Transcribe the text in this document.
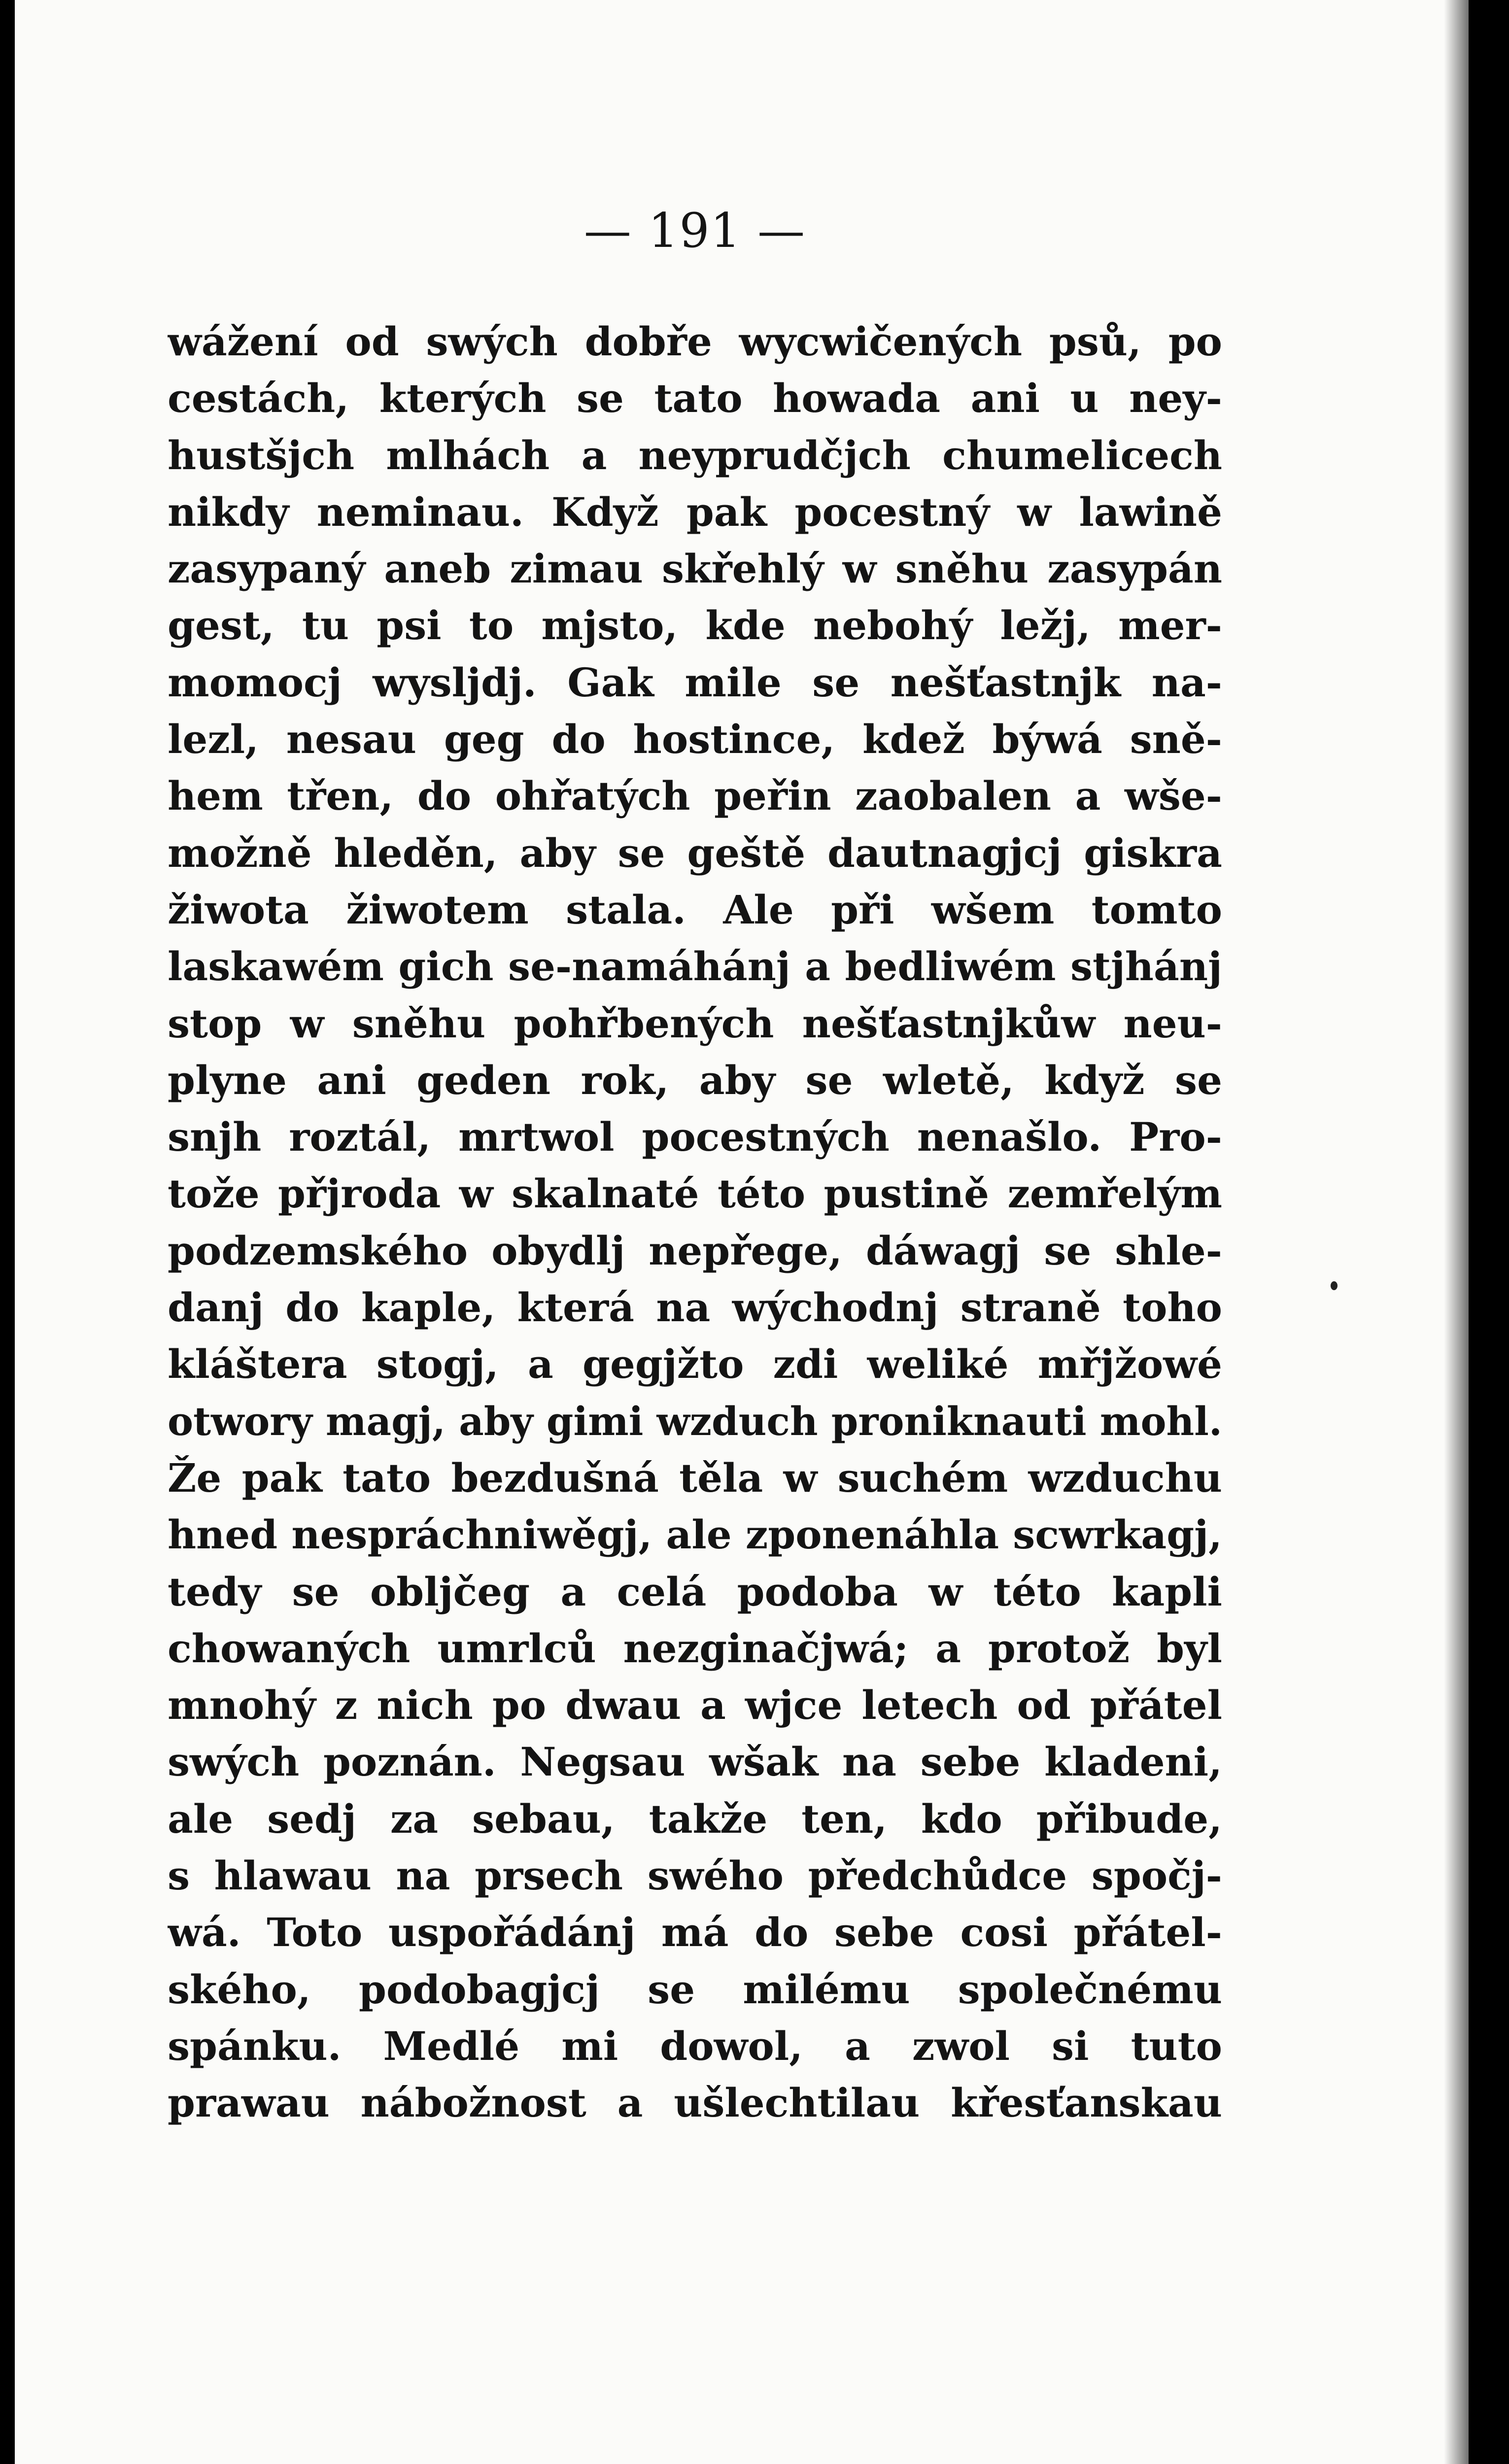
— 191 —
wážení od swých dobře wycwičených psů, po
cestách, kterých se tato howada ani u ney-
hustšjch mlhách a neyprudčjch chumelicech
nikdy neminau. Když pak pocestný w lawině
zasypaný aneb zimau skřehlý w sněhu zasypán
gest, tu psi to mjsto, kde nebohý ležj, mer-
momocj wysljdj. Gak mile se nešťastnjk na-
lezl, nesau geg do hostince, kdež býwá sně-
hem třen, do ohřatých peřin zaobalen a wše-
možně hleděn, aby se geště dautnagjcj giskra
žiwota žiwotem stala. Ale při wšem tomto
laskawém gich se-namáhánj a bedliwém stjhánj
stop w sněhu pohřbených nešťastnjkůw neu-
plyne ani geden rok, aby se wletě, když se
snjh roztál, mrtwol pocestných nenašlo. Pro-
tože přjroda w skalnaté této pustině zemřelým
podzemského obydlj nepřege, dáwagj se shle-
danj do kaple, která na wýchodnj straně toho
kláštera stogj, a gegjžto zdi weliké mřjžowé
otwory magj, aby gimi wzduch proniknauti mohl.
Že pak tato bezdušná těla w suchém wzduchu
hned nespráchniwěgj, ale zponenáhla scwrkagj,
tedy se obljčeg a celá podoba w této kapli
chowaných umrlců nezginačjwá; a protož byl
mnohý z nich po dwau a wjce letech od přátel
swých poznán. Negsau wšak na sebe kladeni,
ale sedj za sebau, takže ten, kdo přibude,
s hlawau na prsech swého předchůdce spočj-
wá. Toto uspořádánj má do sebe cosi přátel-
ského, podobagjcj se milému společnému
spánku. Medlé mi dowol, a zwol si tuto
prawau nábožnost a ušlechtilau křesťanskau
